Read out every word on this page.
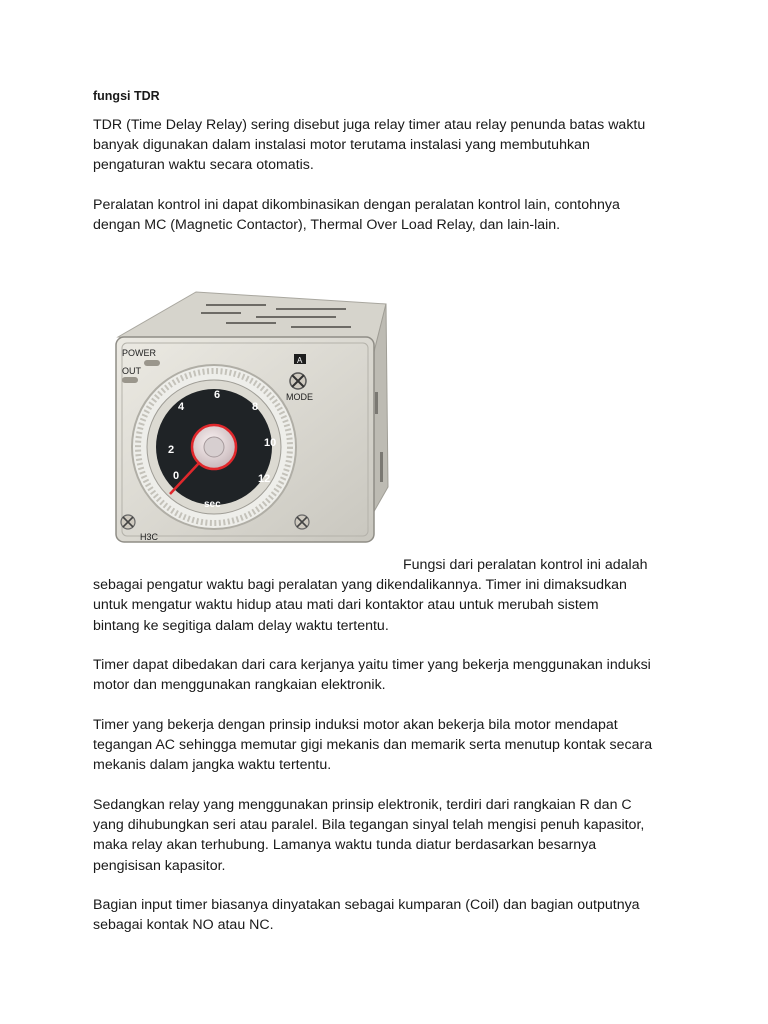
fungsi TDR

TDR (Time Delay Relay) sering disebut juga relay timer atau relay penunda batas waktu
banyak digunakan dalam instalasi motor terutama instalasi yang membutuhkan
pengaturan waktu secara otomatis.

Peralatan kontrol ini dapat dikombinasikan dengan peralatan kontrol lain, contohnya
dengan MC (Magnetic Contactor), Thermal Over Load Relay, dan lain-lain.

POWER
OUT
A
MODE
0
2
4
6
8
10
12
sec
H3C

Fungsi dari peralatan kontrol ini adalah
sebagai pengatur waktu bagi peralatan yang dikendalikannya. Timer ini dimaksudkan
untuk mengatur waktu hidup atau mati dari kontaktor atau untuk merubah sistem
bintang ke segitiga dalam delay waktu tertentu.

Timer dapat dibedakan dari cara kerjanya yaitu timer yang bekerja menggunakan induksi
motor dan menggunakan rangkaian elektronik.

Timer yang bekerja dengan prinsip induksi motor akan bekerja bila motor mendapat
tegangan AC sehingga memutar gigi mekanis dan memarik serta menutup kontak secara
mekanis dalam jangka waktu tertentu.

Sedangkan relay yang menggunakan prinsip elektronik, terdiri dari rangkaian R dan C
yang dihubungkan seri atau paralel. Bila tegangan sinyal telah mengisi penuh kapasitor,
maka relay akan terhubung. Lamanya waktu tunda diatur berdasarkan besarnya
pengisisan kapasitor.

Bagian input timer biasanya dinyatakan sebagai kumparan (Coil) dan bagian outputnya
sebagai kontak NO atau NC.
